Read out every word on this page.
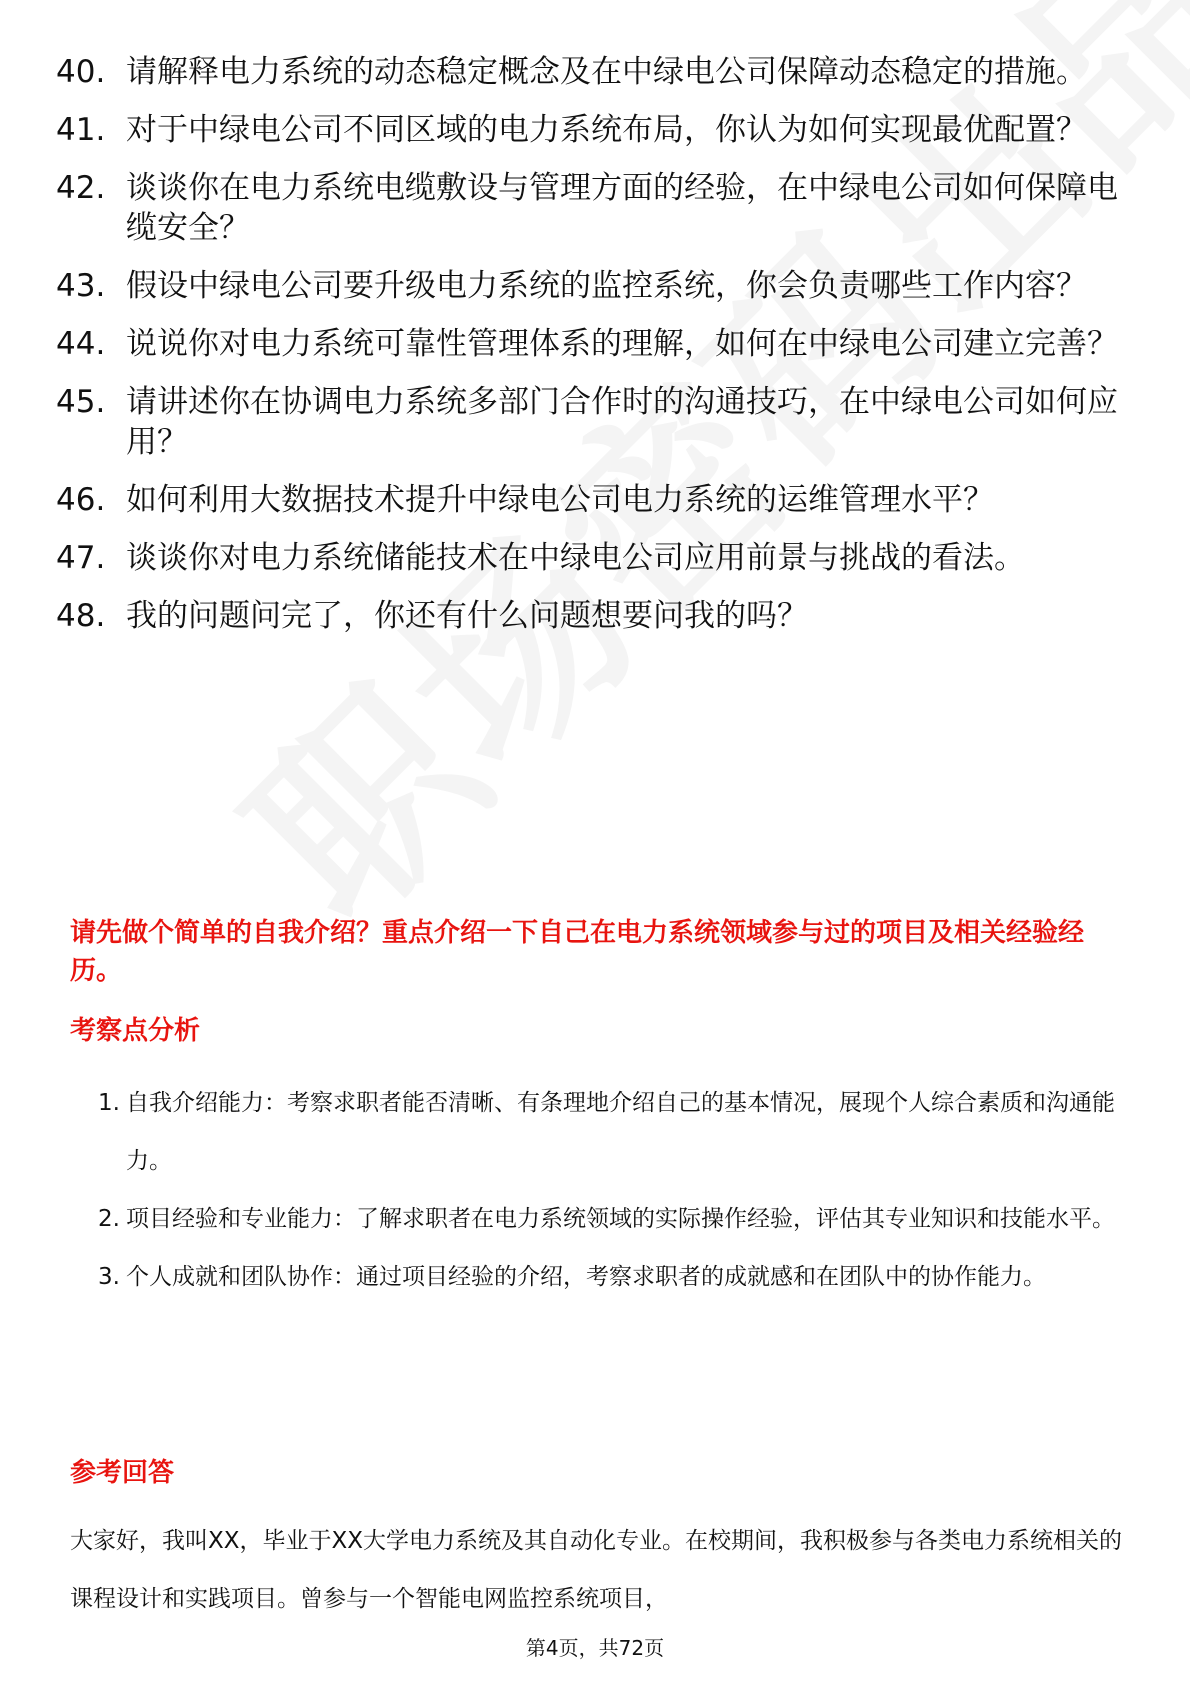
40. 请解释电力系统的动态稳定概念及在中绿电公司保障动态稳定的措施。
41. 对于中绿电公司不同区域的电力系统布局，你认为如何实现最优配置？
42. 谈谈你在电力系统电缆敷设与管理方面的经验，在中绿电公司如何保障电缆安全？
43. 假设中绿电公司要升级电力系统的监控系统，你会负责哪些工作内容？
44. 说说你对电力系统可靠性管理体系的理解，如何在中绿电公司建立完善？
45. 请讲述你在协调电力系统多部门合作时的沟通技巧，在中绿电公司如何应用？
46. 如何利用大数据技术提升中绿电公司电力系统的运维管理水平？
47. 谈谈你对电力系统储能技术在中绿电公司应用前景与挑战的看法。
48. 我的问题问完了，你还有什么问题想要问我的吗？
请先做个简单的自我介绍？重点介绍一下自己在电力系统领域参与过的项目及相关经验经历。
考察点分析
1. 自我介绍能力：考察求职者能否清晰、有条理地介绍自己的基本情况，展现个人综合素质和沟通能力。
2. 项目经验和专业能力：了解求职者在电力系统领域的实际操作经验，评估其专业知识和技能水平。
3. 个人成就和团队协作：通过项目经验的介绍，考察求职者的成就感和在团队中的协作能力。
参考回答
大家好，我叫XX，毕业于XX大学电力系统及其自动化专业。在校期间，我积极参与各类电力系统相关的课程设计和实践项目。曾参与一个智能电网监控系统项目，
第4页，共72页
